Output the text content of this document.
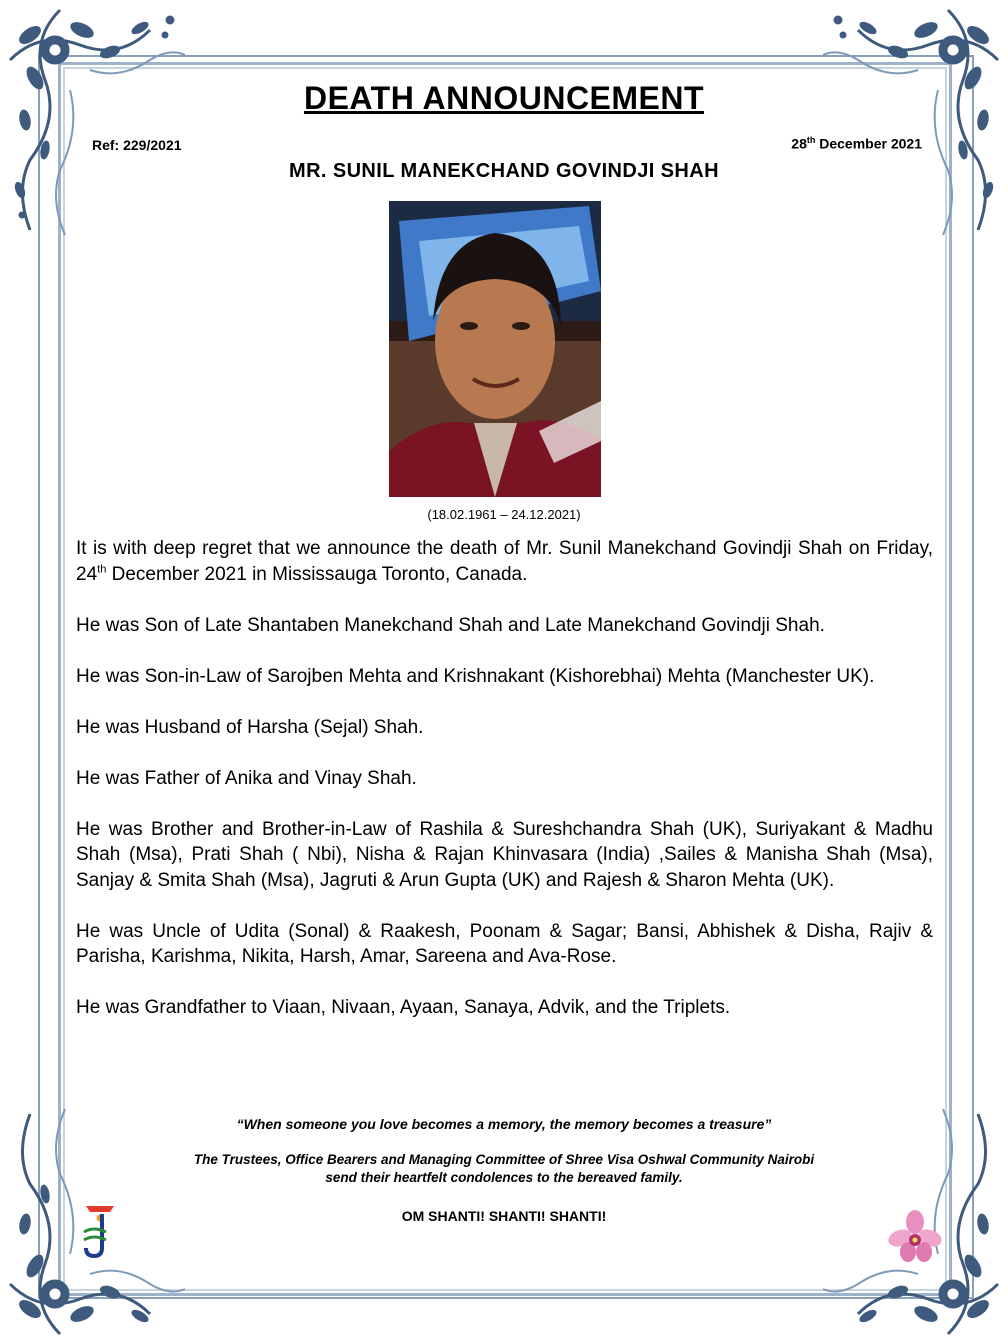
DEATH ANNOUNCEMENT
Ref: 229/2021	28th December 2021
MR. SUNIL MANEKCHAND GOVINDJI SHAH
(18.02.1961 – 24.12.2021)

It is with deep regret that we announce the death of Mr. Sunil Manekchand Govindji Shah on Friday, 24th December 2021 in Mississauga Toronto, Canada.

He was Son of Late Shantaben Manekchand Shah and Late Manekchand Govindji Shah.

He was Son-in-Law of Sarojben Mehta and Krishnakant (Kishorebhai) Mehta (Manchester UK).

He was Husband of Harsha (Sejal) Shah.

He was Father of Anika and Vinay Shah.

He was Brother and Brother-in-Law of Rashila & Sureshchandra Shah (UK), Suriyakant & Madhu Shah (Msa), Prati Shah ( Nbi), Nisha & Rajan Khinvasara (India) ,Sailes & Manisha Shah (Msa), Sanjay & Smita Shah (Msa), Jagruti & Arun Gupta (UK) and Rajesh & Sharon Mehta (UK).

He was Uncle of Udita (Sonal) & Raakesh, Poonam & Sagar; Bansi, Abhishek & Disha, Rajiv & Parisha, Karishma, Nikita, Harsh, Amar, Sareena and Ava-Rose.

He was Grandfather to Viaan, Nivaan, Ayaan, Sanaya, Advik, and the Triplets.

“When someone you love becomes a memory, the memory becomes a treasure”
The Trustees, Office Bearers and Managing Committee of Shree Visa Oshwal Community Nairobi
send their heartfelt condolences to the bereaved family.
OM SHANTI! SHANTI! SHANTI!
